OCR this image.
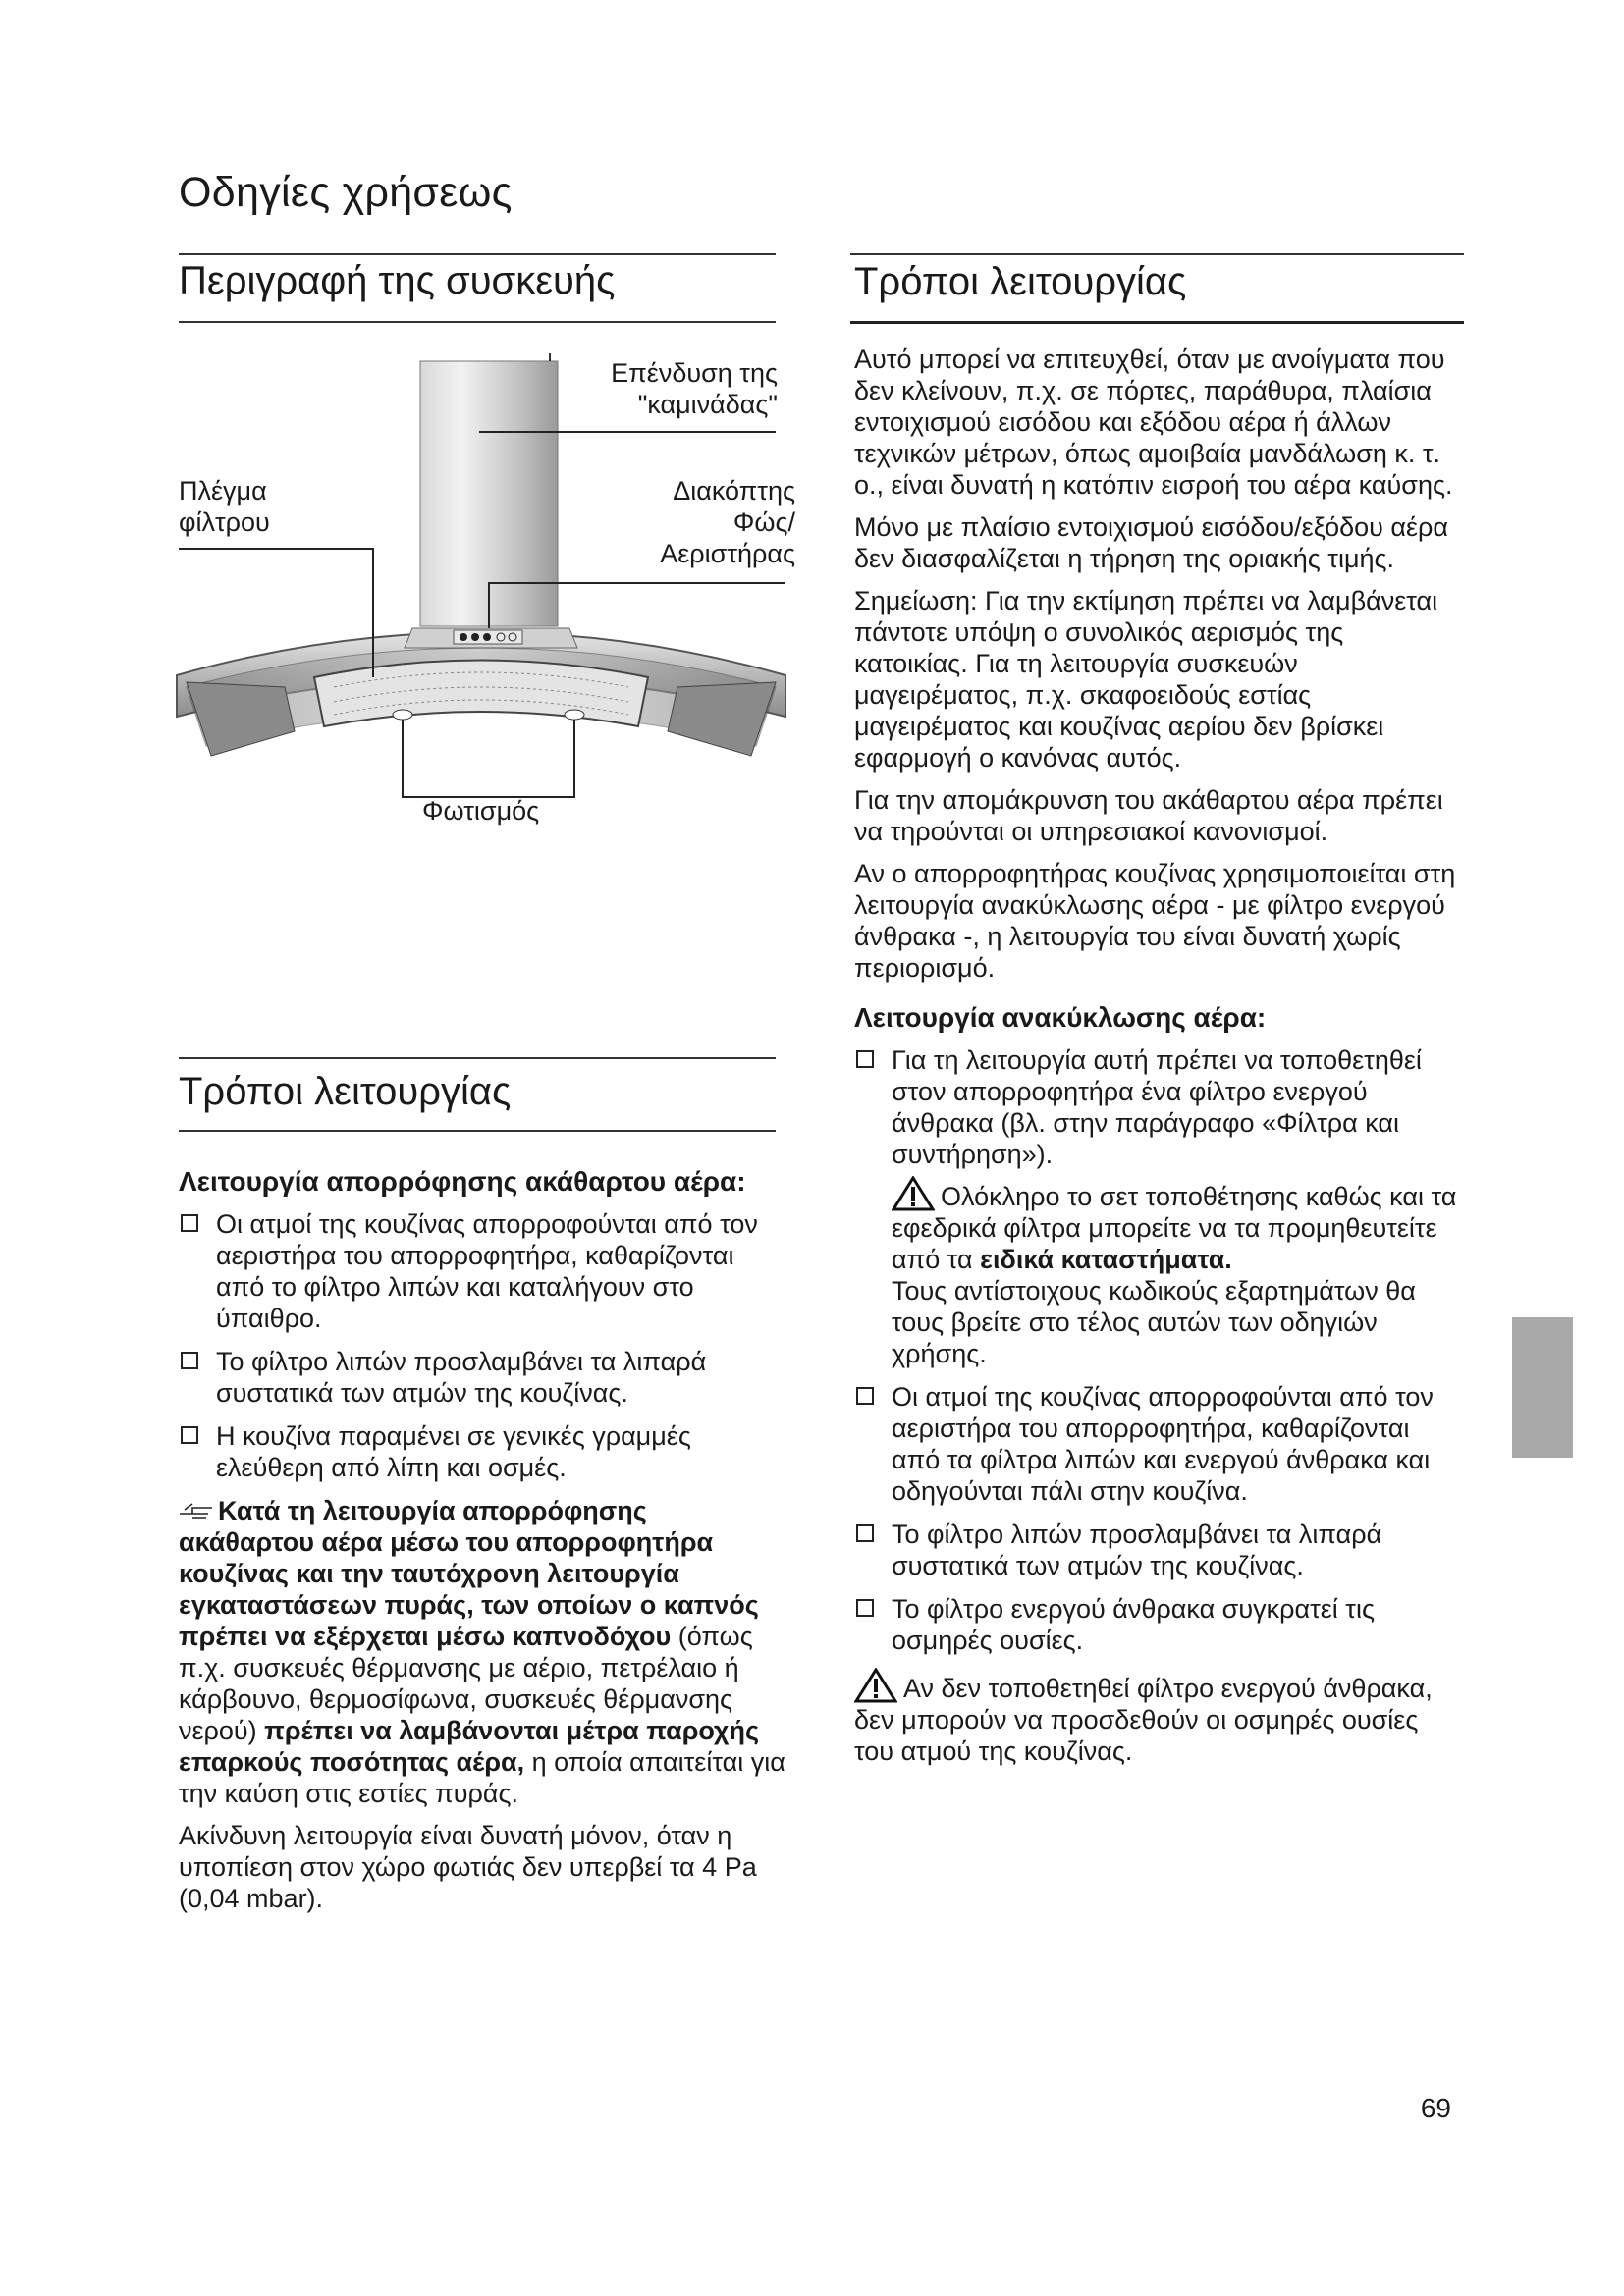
Οδηγίες χρήσεως
Περιγραφή της συσκευής
Επένδυση της
"καμινάδας"
Πλέγμα
φίλτρου
Διακόπτης
Φώς/
Αεριστήρας
Φωτισμός
Τρόποι λειτουργίας

Λειτουργία απορρόφησης ακάθαρτου αέρα:

Οι ατμοί της κουζίνας απορροφούνται από τον αεριστήρα του απορροφητήρα, καθαρίζονται από το φίλτρο λιπών και καταλήγουν στο ύπαιθρο.
Το φίλτρο λιπών προσλαμβάνει τα λιπαρά συστατικά των ατμών της κουζίνας.
Η κουζίνα παραμένει σε γενικές γραμμές ελεύθερη από λίπη και οσμές.

Κατά τη λειτουργία απορρόφησης ακάθαρτου αέρα μέσω του απορροφητήρα κουζίνας και την ταυτόχρονη λειτουργία εγκαταστάσεων πυράς, των οποίων ο καπνός πρέπει να εξέρχεται μέσω καπνοδόχου (όπως π.χ. συσκευές θέρμανσης με αέριο, πετρέλαιο ή κάρβουνο, θερμοσίφωνα, συσκευές θέρμανσης νερού) πρέπει να λαμβάνονται μέτρα παροχής επαρκούς ποσότητας αέρα, η οποία απαιτείται για την καύση στις εστίες πυράς.

Ακίνδυνη λειτουργία είναι δυνατή μόνον, όταν η υποπίεση στον χώρο φωτιάς δεν υπερβεί τα 4 Pa (0,04 mbar).

Τρόποι λειτουργίας

Αυτό μπορεί να επιτευχθεί, όταν με ανοίγματα που δεν κλείνουν, π.χ. σε πόρτες, παράθυρα, πλαίσια εντοιχισμού εισόδου και εξόδου αέρα ή άλλων τεχνικών μέτρων, όπως αμοιβαία μανδάλωση κ. τ. ο., είναι δυνατή η κατόπιν εισροή του αέρα καύσης.

Μόνο με πλαίσιο εντοιχισμού εισόδου/εξόδου αέρα δεν διασφαλίζεται η τήρηση της οριακής τιμής.

Σημείωση: Για την εκτίμηση πρέπει να λαμβάνεται πάντοτε υπόψη ο συνολικός αερισμός της κατοικίας. Για τη λειτουργία συσκευών μαγειρέματος, π.χ. σκαφοειδούς εστίας μαγειρέματος και κουζίνας αερίου δεν βρίσκει εφαρμογή ο κανόνας αυτός.

Για την απομάκρυνση του ακάθαρτου αέρα πρέπει να τηρούνται οι υπηρεσιακοί κανονισμοί.

Αν ο απορροφητήρας κουζίνας χρησιμοποιείται στη λειτουργία ανακύκλωσης αέρα - με φίλτρο ενεργού άνθρακα -, η λειτουργία του είναι δυνατή χωρίς περιορισμό.

Λειτουργία ανακύκλωσης αέρα:

Για τη λειτουργία αυτή πρέπει να τοποθετηθεί στον απορροφητήρα ένα φίλτρο ενεργού άνθρακα (βλ. στην παράγραφο «Φίλτρα και συντήρηση»).
Ολόκληρο το σετ τοποθέτησης καθώς και τα εφεδρικά φίλτρα μπορείτε να τα προμηθευτείτε από τα ειδικά καταστήματα.
Τους αντίστοιχους κωδικούς εξαρτημάτων θα τους βρείτε στο τέλος αυτών των οδηγιών χρήσης.
Οι ατμοί της κουζίνας απορροφούνται από τον αεριστήρα του απορροφητήρα, καθαρίζονται από τα φίλτρα λιπών και ενεργού άνθρακα και οδηγούνται πάλι στην κουζίνα.
Το φίλτρο λιπών προσλαμβάνει τα λιπαρά συστατικά των ατμών της κουζίνας.
Το φίλτρο ενεργού άνθρακα συγκρατεί τις οσμηρές ουσίες.

Αν δεν τοποθετηθεί φίλτρο ενεργού άνθρακα, δεν μπορούν να προσδεθούν οι οσμηρές ουσίες του ατμού της κουζίνας.

69
